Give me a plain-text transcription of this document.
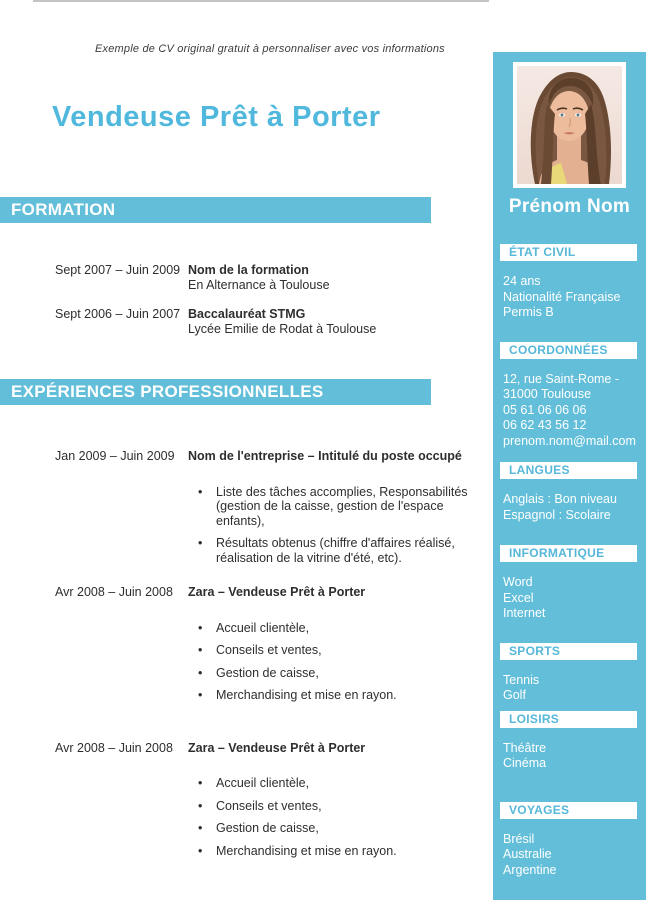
Exemple de CV original gratuit à personnaliser avec vos informations
Vendeuse Prêt à Porter
FORMATION
Sept 2007 – Juin 2009 Nom de la formation
En Alternance à Toulouse
Sept 2006 – Juin 2007 Baccalauréat STMG
Lycée Emilie de Rodat à Toulouse
EXPÉRIENCES PROFESSIONNELLES
Jan 2009 – Juin 2009	Nom de l'entreprise – Intitulé du poste occupé
• Liste des tâches accomplies, Responsabilités (gestion de la caisse, gestion de l'espace enfants),
• Résultats obtenus (chiffre d'affaires réalisé, réalisation de la vitrine d'été, etc).
Avr 2008 – Juin 2008	Zara – Vendeuse Prêt à Porter
• Accueil clientèle,
• Conseils et ventes,
• Gestion de caisse,
• Merchandising et mise en rayon.
Avr 2008 – Juin 2008	Zara – Vendeuse Prêt à Porter
• Accueil clientèle,
• Conseils et ventes,
• Gestion de caisse,
• Merchandising et mise en rayon.
Prénom Nom
ÉTAT CIVIL
24 ans
Nationalité Française
Permis B
COORDONNÉES
12, rue Saint-Rome -
31000 Toulouse
05 61 06 06 06
06 62 43 56 12
prenom.nom@mail.com
LANGUES
Anglais : Bon niveau
Espagnol : Scolaire
INFORMATIQUE
Word
Excel
Internet
SPORTS
Tennis
Golf
LOISIRS
Théâtre
Cinéma
VOYAGES
Brésil
Australie
Argentine
